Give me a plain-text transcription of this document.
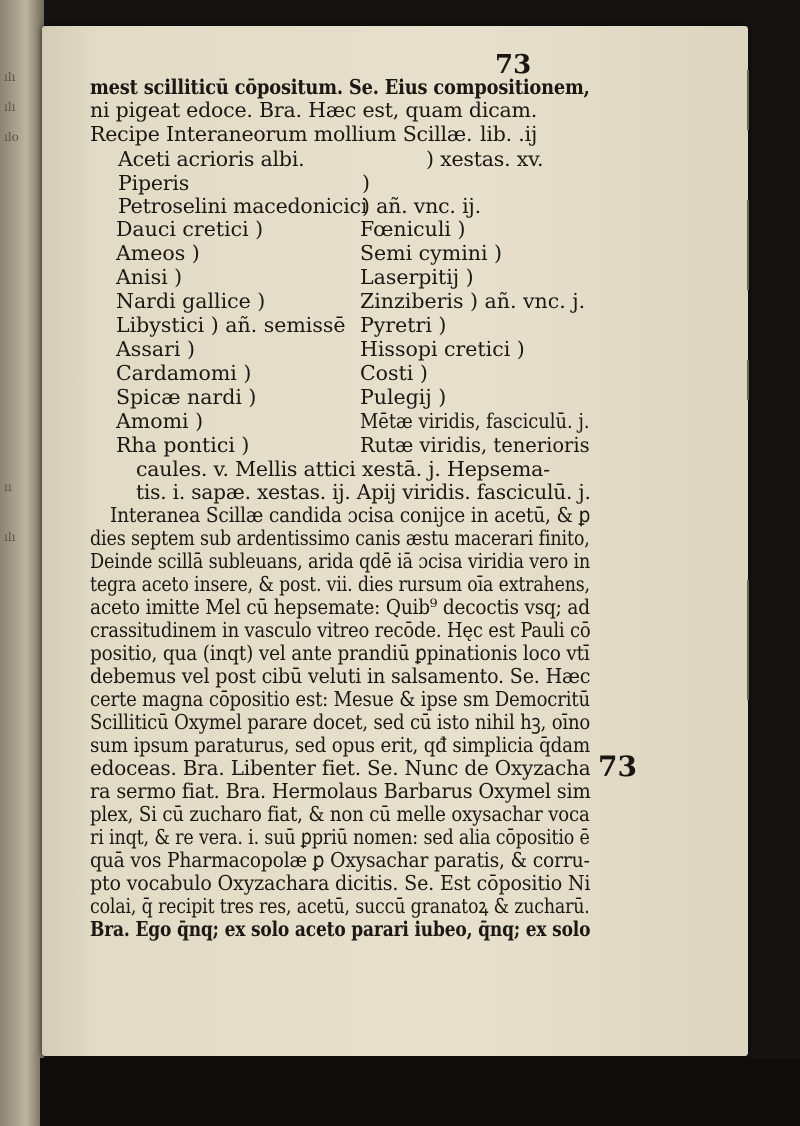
ılı
ılı
ılo
ıı
ılı
73
mest scilliticū cōpositum. Se. Eius compositionem,
ni pigeat edoce. Bra. Hæc est, quam dicam.
Recipe Interaneorum mollium Scillæ. lib. .ij
Aceti acrioris albi.	) xestas. xv.
Piperis	)
Petroselini macedonicici
) añ. vnc. ij.
Dauci cretici )
Ameos )
Anisi )
Nardi gallice )
Libystici ) añ. semissē
Assari )
Cardamomi )
Spicæ nardi )
Amomi )
Rha pontici )
Fœniculi )
Semi cymini )
Laserpitij )
Zinziberis ) añ. vnc. j.
Pyretri )
Hissopi cretici )
Costi )
Pulegij )
Mētæ viridis, fasciculū. j.
Rutæ viridis, tenerioris
caules. v. Mellis attici xestā. j. Hepsema-
tis. i. sapæ. xestas. ij. Apij viridis. fasciculū. j.
Interanea Scillæ candida ɔcisa conijce in acetū, & ꝑ
dies septem sub ardentissimo canis æstu macerari finito,
Deinde scillā subleuans, arida qdē iā ɔcisa viridia vero in
tegra aceto insere, & post. vii. dies rursum oīa extrahens,
aceto imitte Mel cū hepsemate: Quib⁹ decoctis vsq; ad
crassitudinem in vasculo vitreo recōde. Hęc est Pauli cō
positio, qua (inqt) vel ante prandiū ꝑpinationis loco vtī
debemus vel post cibū veluti in salsamento. Se. Hæc
certe magna cōpositio est: Mesue & ipse sm Democritū
Scilliticū Oxymel parare docet, sed cū isto nihil hꝫ, oīno
sum ipsum paraturus, sed opus erit, qđ simplicia q̄dam
edoceas. Bra. Libenter fiet. Se. Nunc de Oxyzacha
ra sermo fiat. Bra. Hermolaus Barbarus Oxymel sim
plex, Si cū zucharo fiat, & non cū melle oxysachar voca
ri inqt, & re vera. i. suū ꝑpriū nomen: sed alia cōpositio ē
quā vos Pharmacopolæ ꝑ Oxysachar paratis, & corru-
pto vocabulo Oxyzachara dicitis. Se. Est cōpositio Ni
colai, q̄ recipit tres res, acetū, succū granatoꝝ & zucharū.
Bra. Ego q̄nq; ex solo aceto parari iubeo, q̄nq; ex solo
73
